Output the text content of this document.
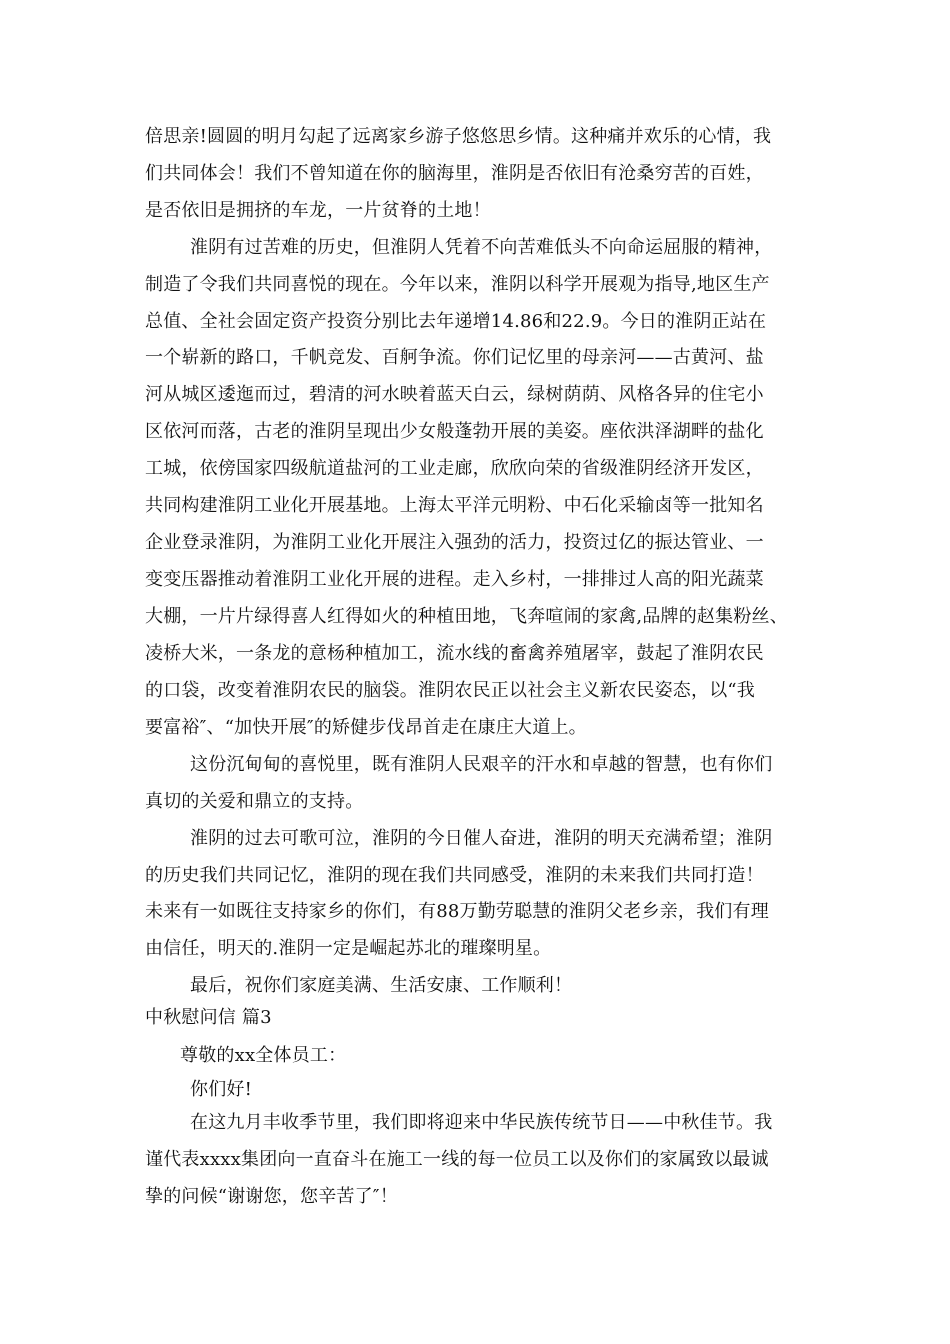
倍思亲!圆圆的明月勾起了远离家乡游子悠悠思乡情。这种痛并欢乐的心情，我
们共同体会！我们不曾知道在你的脑海里，淮阴是否依旧有沧桑穷苦的百姓，
是否依旧是拥挤的车龙，一片贫脊的土地！
淮阴有过苦难的历史，但淮阴人凭着不向苦难低头不向命运屈服的精神，
制造了令我们共同喜悦的现在。今年以来，淮阴以科学开展观为指导,地区生产
总值、全社会固定资产投资分别比去年递增14.86和22.9。今日的淮阴正站在
一个崭新的路口，千帆竞发、百舸争流。你们记忆里的母亲河——古黄河、盐
河从城区逶迤而过，碧清的河水映着蓝天白云，绿树荫荫、风格各异的住宅小
区依河而落，古老的淮阴呈现出少女般蓬勃开展的美姿。座依洪泽湖畔的盐化
工城，依傍国家四级航道盐河的工业走廊，欣欣向荣的省级淮阴经济开发区，
共同构建淮阴工业化开展基地。上海太平洋元明粉、中石化采输卤等一批知名
企业登录淮阴，为淮阴工业化开展注入强劲的活力，投资过亿的振达管业、一
变变压器推动着淮阴工业化开展的进程。走入乡村，一排排过人高的阳光蔬菜
大棚，一片片绿得喜人红得如火的种植田地，飞奔喧闹的家禽,品牌的赵集粉丝、
凌桥大米，一条龙的意杨种植加工，流水线的畜禽养殖屠宰，鼓起了淮阴农民
的口袋，改变着淮阴农民的脑袋。淮阴农民正以社会主义新农民姿态，以“我
要富裕″、“加快开展″的矫健步伐昂首走在康庄大道上。
这份沉甸甸的喜悦里，既有淮阴人民艰辛的汗水和卓越的智慧，也有你们
真切的关爱和鼎立的支持。
淮阴的过去可歌可泣，淮阴的今日催人奋进，淮阴的明天充满希望；淮阴
的历史我们共同记忆，淮阴的现在我们共同感受，淮阴的未来我们共同打造！
未来有一如既往支持家乡的你们，有88万勤劳聪慧的淮阴父老乡亲，我们有理
由信任，明天的.淮阴一定是崛起苏北的璀璨明星。
最后，祝你们家庭美满、生活安康、工作顺利！
中秋慰问信 篇3
尊敬的xx全体员工：
你们好!
在这九月丰收季节里，我们即将迎来中华民族传统节日——中秋佳节。我
谨代表xxxx集团向一直奋斗在施工一线的每一位员工以及你们的家属致以最诚
挚的问候“谢谢您，您辛苦了″！
